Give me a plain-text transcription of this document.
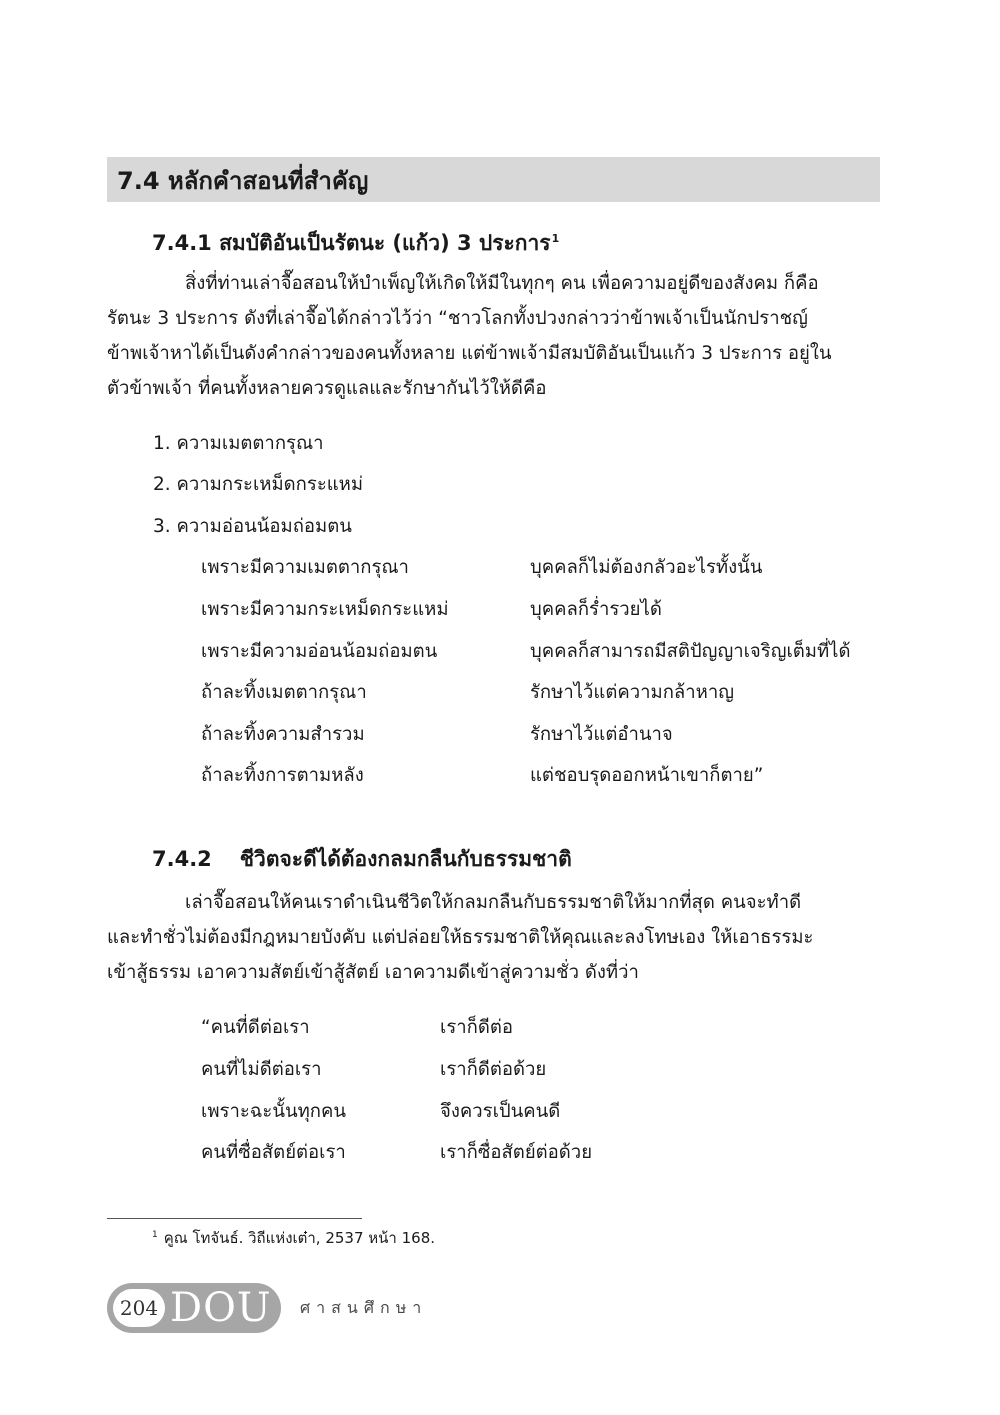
7.4 หลักคำสอนที่สำคัญ
7.4.1 สมบัติอันเป็นรัตนะ (แก้ว) 3 ประการ$^1$
สิ่งที่ท่านเล่าจื๊อสอนให้บำเพ็ญให้เกิดให้มีในทุกๆ คน เพื่อความอยู่ดีของสังคม ก็คือ
รัตนะ 3 ประการ ดังที่เล่าจื๊อได้กล่าวไว้ว่า “ชาวโลกทั้งปวงกล่าวว่าข้าพเจ้าเป็นนักปราชญ์
ข้าพเจ้าหาได้เป็นดังคำกล่าวของคนทั้งหลาย แต่ข้าพเจ้ามีสมบัติอันเป็นแก้ว 3 ประการ อยู่ใน
ตัวข้าพเจ้า ที่คนทั้งหลายควรดูแลและรักษากันไว้ให้ดีคือ
1. ความเมตตากรุณา
2. ความกระเหม็ดกระแหม่
3. ความอ่อนน้อมถ่อมตน
เพราะมีความเมตตากรุณา	บุคคลก็ไม่ต้องกลัวอะไรทั้งนั้น
เพราะมีความกระเหม็ดกระแหม่	บุคคลก็ร่ำรวยได้
เพราะมีความอ่อนน้อมถ่อมตน	บุคคลก็สามารถมีสติปัญญาเจริญเต็มที่ได้
ถ้าละทิ้งเมตตากรุณา	รักษาไว้แต่ความกล้าหาญ
ถ้าละทิ้งความสำรวม	รักษาไว้แต่อำนาจ
ถ้าละทิ้งการตามหลัง	แต่ชอบรุดออกหน้าเขาก็ตาย”
7.4.2 ชีวิตจะดีได้ต้องกลมกลืนกับธรรมชาติ
เล่าจื๊อสอนให้คนเราดำเนินชีวิตให้กลมกลืนกับธรรมชาติให้มากที่สุด คนจะทำดี
และทำชั่วไม่ต้องมีกฎหมายบังคับ แต่ปล่อยให้ธรรมชาติให้คุณและลงโทษเอง ให้เอาธรรมะ
เข้าสู้ธรรม เอาความสัตย์เข้าสู้สัตย์ เอาความดีเข้าสู่ความชั่ว ดังที่ว่า
“คนที่ดีต่อเรา	เราก็ดีต่อ
คนที่ไม่ดีต่อเรา	เราก็ดีต่อด้วย
เพราะฉะนั้นทุกคน	จึงควรเป็นคนดี
คนที่ซื่อสัตย์ต่อเรา	เราก็ซื่อสัตย์ต่อด้วย
$^1$ คูณ โทจันธ์. วิถีแห่งเต๋า, 2537 หน้า 168.
204 DOU ศาสนศึกษา
